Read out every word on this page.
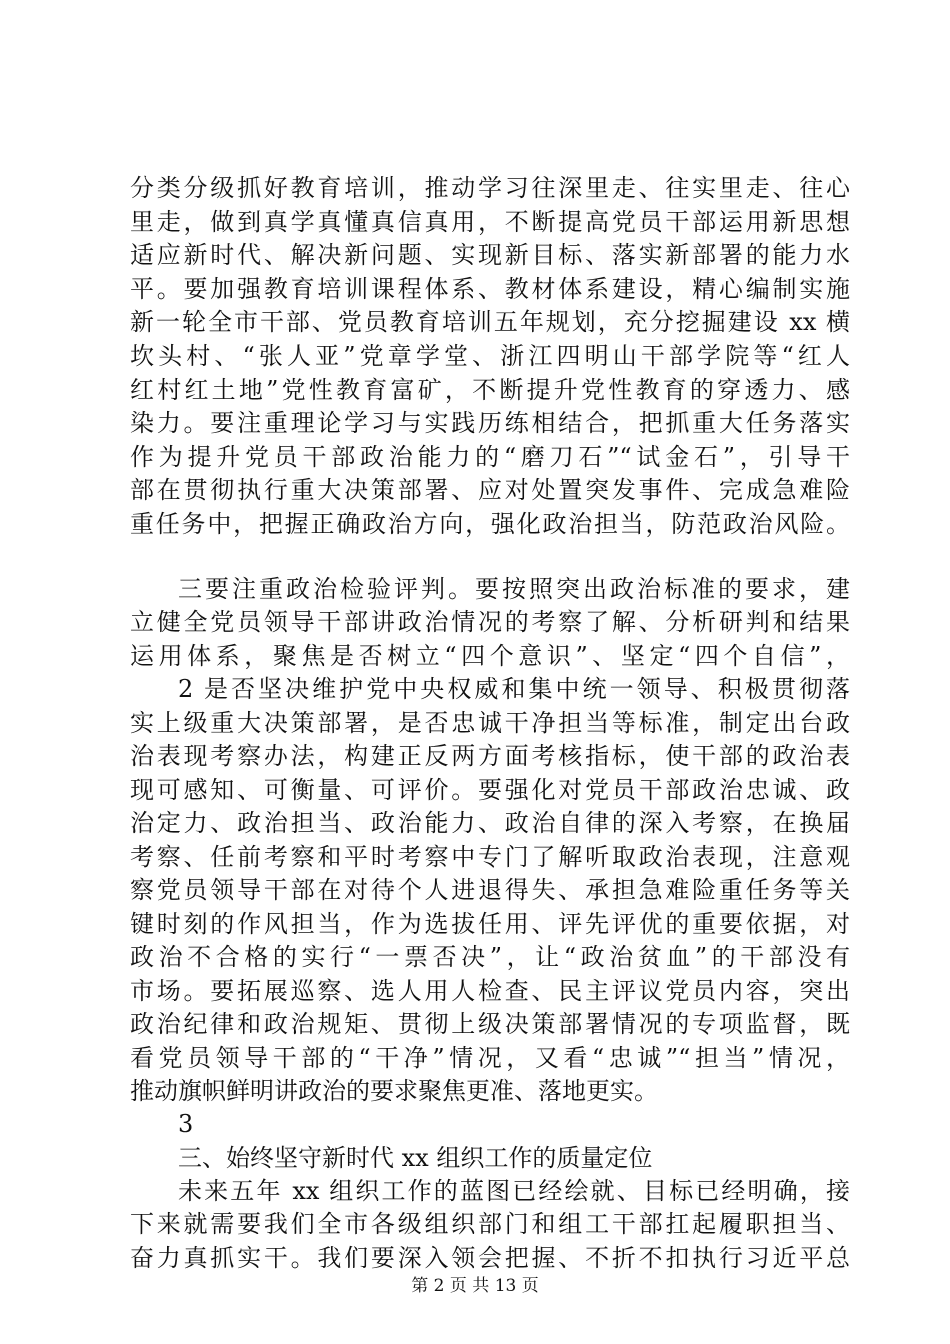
分类分级抓好教育培训，推动学习往深里走、往实里走、往心
里走，做到真学真懂真信真用，不断提高党员干部运用新思想
适应新时代、解决新问题、实现新目标、落实新部署的能力水
平。要加强教育培训课程体系、教材体系建设，精心编制实施
新一轮全市干部、党员教育培训五年规划，充分挖掘建设 xx 横
坎头村、“张人亚”党章学堂、浙江四明山干部学院等“红人
红村红土地”党性教育富矿，不断提升党性教育的穿透力、感
染力。要注重理论学习与实践历练相结合，把抓重大任务落实
作为提升党员干部政治能力的“磨刀石”“试金石”，引导干
部在贯彻执行重大决策部署、应对处置突发事件、完成急难险
重任务中，把握正确政治方向，强化政治担当，防范政治风险。
三要注重政治检验评判。要按照突出政治标准的要求，建
立健全党员领导干部讲政治情况的考察了解、分析研判和结果
运用体系，聚焦是否树立“四个意识”、坚定“四个自信”，
2 是否坚决维护党中央权威和集中统一领导、积极贯彻落
实上级重大决策部署，是否忠诚干净担当等标准，制定出台政
治表现考察办法，构建正反两方面考核指标，使干部的政治表
现可感知、可衡量、可评价。要强化对党员干部政治忠诚、政
治定力、政治担当、政治能力、政治自律的深入考察，在换届
考察、任前考察和平时考察中专门了解听取政治表现，注意观
察党员领导干部在对待个人进退得失、承担急难险重任务等关
键时刻的作风担当，作为选拔任用、评先评优的重要依据，对
政治不合格的实行“一票否决”，让“政治贫血”的干部没有
市场。要拓展巡察、选人用人检查、民主评议党员内容，突出
政治纪律和政治规矩、贯彻上级决策部署情况的专项监督，既
看党员领导干部的“干净”情况，又看“忠诚”“担当”情况，
推动旗帜鲜明讲政治的要求聚焦更准、落地更实。
3
三、始终坚守新时代 xx 组织工作的质量定位
未来五年 xx 组织工作的蓝图已经绘就、目标已经明确，接
下来就需要我们全市各级组织部门和组工干部扛起履职担当、
奋力真抓实干。我们要深入领会把握、不折不扣执行习近平总
第 2 页 共 13 页
